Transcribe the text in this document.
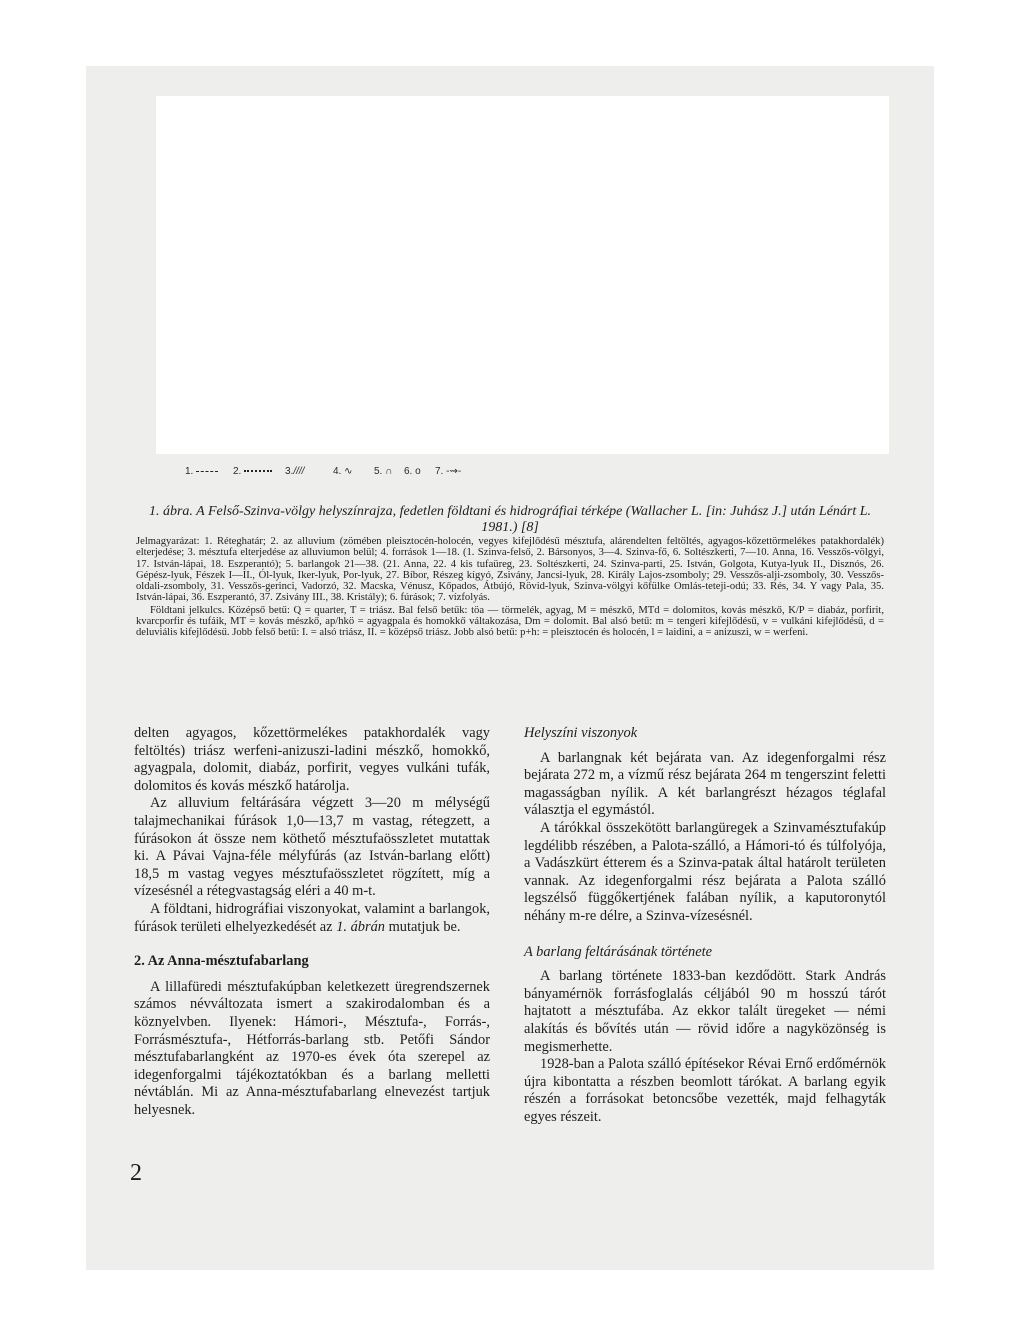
1.	2.	3.////	4. ∿ 5. ∩ 6. o 7. -⇝-
1. ábra. A Felső-Szinva-völgy helyszínrajza, fedetlen földtani és hidrográfiai térképe (Wallacher L. [in: Juhász J.] után Lénárt L. 1981.) [8]

Jelmagyarázat: 1. Réteghatár; 2. az alluvium (zömében pleisztocén-holocén, vegyes kifejlődésű mésztufa, alárendelten feltöltés, agyagos-kőzettörmelékes patakhordalék) elterjedése; 3. mésztufa elterjedése az alluviumon belül; 4. források 1—18. (1. Szinva-felső, 2. Bársonyos, 3—4. Szinva-fő, 6. Soltészkerti, 7—10. Anna, 16. Vesszős-völgyi, 17. István-lápai, 18. Eszperantó); 5. barlangok 21—38. (21. Anna, 22. 4 kis tufaüreg, 23. Soltészkerti, 24. Szinva-parti, 25. István, Golgota, Kutya-lyuk II., Disznós, 26. Gépész-lyuk, Fészek I—II., Ól-lyuk, Iker-lyuk, Por-lyuk, 27. Bíbor, Részeg kígyó, Zsivány, Jancsi-lyuk, 28. Király Lajos-zsomboly; 29. Vesszős-alji-zsomboly, 30. Vesszős-oldali-zsomboly, 31. Vesszős-gerinci, Vadorzó, 32. Macska, Vénusz, Kőpados, Átbújó, Rövid-lyuk, Szinva-völgyi kőfülke Omlás-teteji-odú; 33. Rés, 34. Y vagy Pala, 35. István-lápai, 36. Eszperantó, 37. Zsivány III., 38. Kristály); 6. fúrások; 7. vízfolyás.

Földtani jelkulcs. Középső betű: Q = quarter, T = triász. Bal felső betűk: töa — törmelék, agyag, M = mészkő, MTd = dolomitos, kovás mészkő, K/P = diabáz, porfirit, kvarcporfir és tufáik, MT = kovás mészkő, ap/hkö = agyagpala és homokkő váltakozása, Dm = dolomit. Bal alsó betű: m = tengeri kifejlődésű, v = vulkáni kifejlődésű, d = deluviális kifejlődésű. Jobb felső betű: I. = alsó triász, II. = középső triász. Jobb alsó betű: p+h: = pleisztocén és holocén, l = laidini, a = anizuszi, w = werfeni.

delten agyagos, kőzettörmelékes patakhordalék vagy feltöltés) triász werfeni-anizuszi-ladini mészkő, homokkő, agyagpala, dolomit, diabáz, porfirit, vegyes vulkáni tufák, dolomitos és kovás mészkő határolja.

Az alluvium feltárására végzett 3—20 m mélységű talajmechanikai fúrások 1,0—13,7 m vastag, rétegzett, a fúrásokon át össze nem köthető mésztufaösszletet mutattak ki. A Pávai Vajna-féle mélyfúrás (az István-barlang előtt) 18,5 m vastag vegyes mésztufaösszletet rögzített, míg a vízesésnél a rétegvastagság eléri a 40 m-t.

A földtani, hidrográfiai viszonyokat, valamint a barlangok, fúrások területi elhelyezkedését az 1. ábrán mutatjuk be.

2. Az Anna-mésztufabarlang

A lillafüredi mésztufakúpban keletkezett üregrendszernek számos névváltozata ismert a szakirodalomban és a köznyelvben. Ilyenek: Hámori-, Mésztufa-, Forrás-, Forrásmésztufa-, Hétforrás-barlang stb. Petőfi Sándor mésztufabarlangként az 1970-es évek óta szerepel az idegenforgalmi tájékoztatókban és a barlang melletti névtáblán. Mi az Anna-mésztufabarlang elnevezést tartjuk helyesnek.

Helyszíni viszonyok

A barlangnak két bejárata van. Az idegenforgalmi rész bejárata 272 m, a vízmű rész bejárata 264 m tengerszint feletti magasságban nyílik. A két barlangrészt hézagos téglafal választja el egymástól.

A tárókkal összekötött barlangüregek a Szinvamésztufakúp legdélibb részében, a Palota-szálló, a Hámori-tó és túlfolyója, a Vadászkürt étterem és a Szinva-patak által határolt területen vannak. Az idegenforgalmi rész bejárata a Palota szálló legszélső függőkertjének falában nyílik, a kaputoronytól néhány m-re délre, a Szinva-vízesésnél.

A barlang feltárásának története

A barlang története 1833-ban kezdődött. Stark András bányamérnök forrásfoglalás céljából 90 m hosszú tárót hajtatott a mésztufába. Az ekkor talált üregeket — némi alakítás és bővítés után — rövid időre a nagyközönség is megismerhette.

1928-ban a Palota szálló építésekor Révai Ernő erdőmérnök újra kibontatta a részben beomlott tárókat. A barlang egyik részén a forrásokat betoncsőbe vezették, majd felhagyták egyes részeit.

2
